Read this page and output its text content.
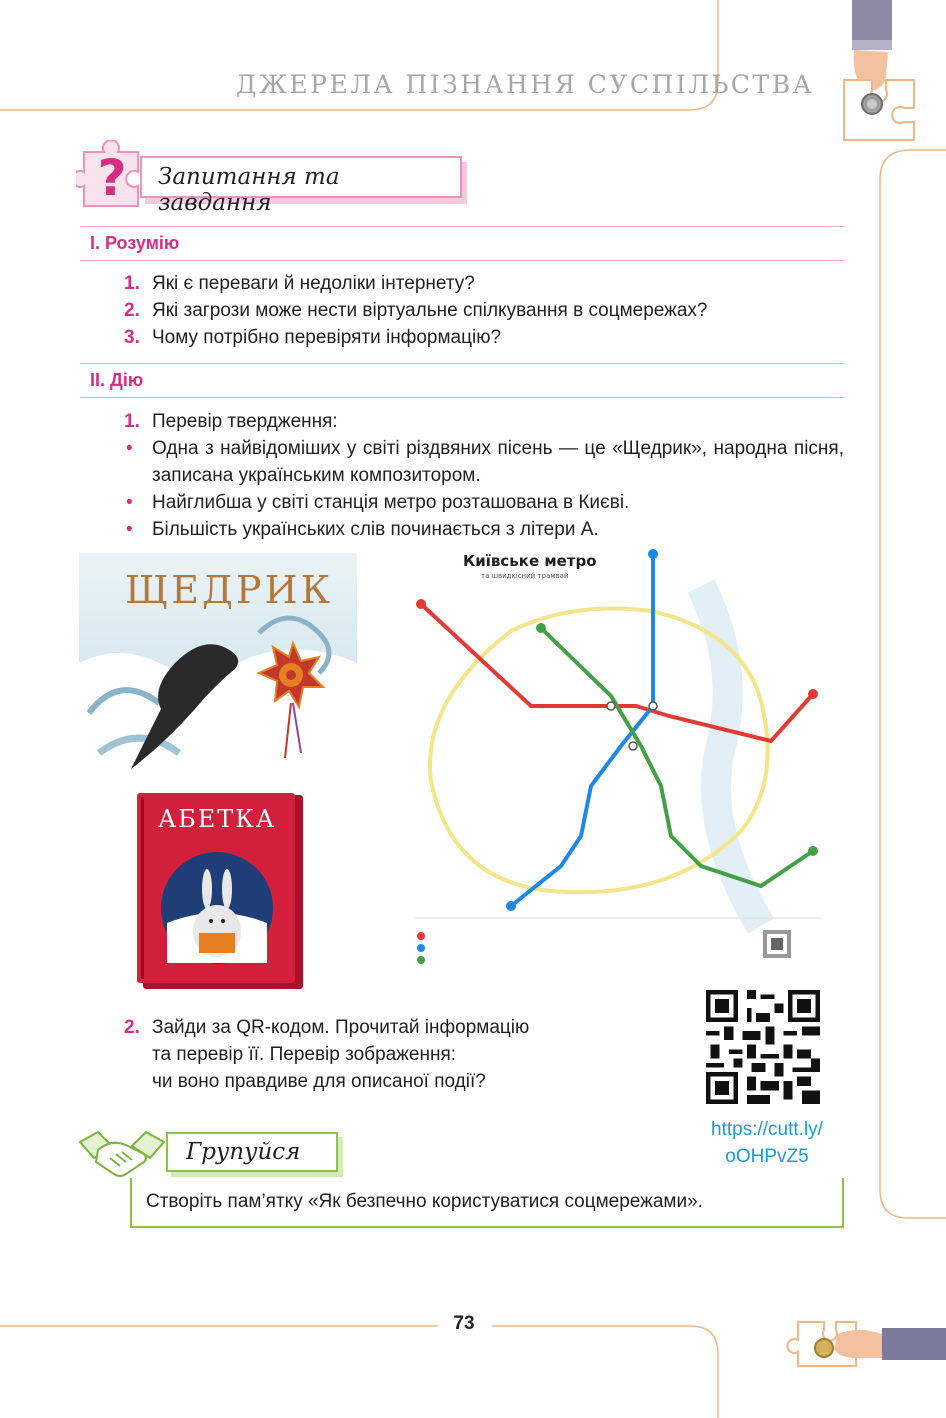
ДЖЕРЕЛА ПІЗНАННЯ СУСПІЛЬСТВА
? Запитання та завдання
I. Розумію
1. Які є переваги й недоліки інтернету?
2. Які загрози може нести віртуальне спілкування в соцмережах?
3. Чому потрібно перевіряти інформацію?
II. Дію
1. Перевір твердження:
•	Одна з найвідоміших у світі різдвяних пісень — це «Щедрик», народна пісня, записана українським композитором.
•	Найглибша у світі станція метро розташована в Києві.
•	Більшість українських слів починається з літери А.
ЩЕДРИК
АБЕТКА
Київське метро
та швидкісний трамвай
2. Зайди за QR-кодом. Прочитай інформацію
та перевір її. Перевір зображення:
чи воно правдиве для описаної події?
https://cutt.ly/
oOHPvZ5
Групуйся
Створіть пам’ятку «Як безпечно користуватися соцмережами».
73
